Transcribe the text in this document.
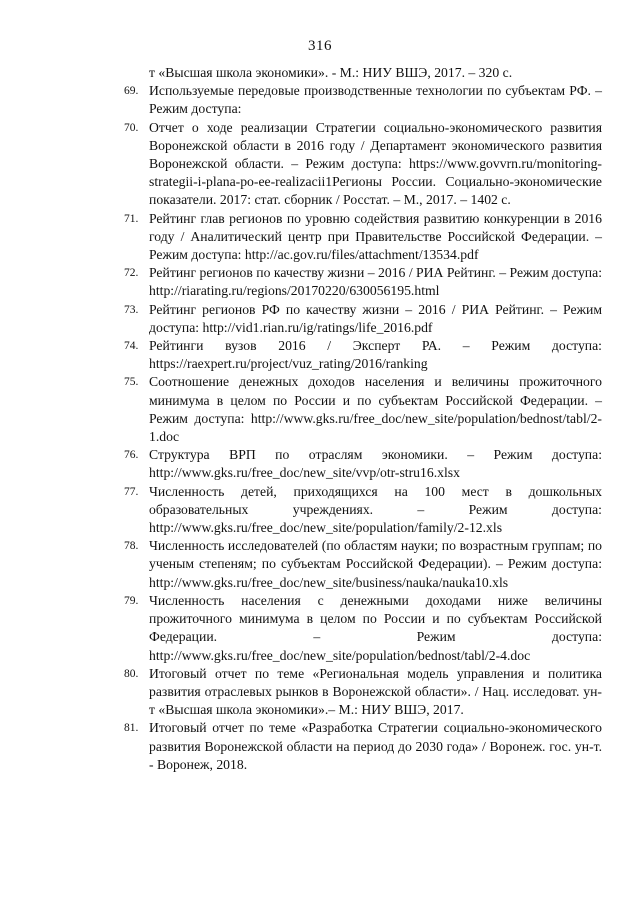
316
т «Высшая школа экономики». - М.: НИУ ВШЭ, 2017. – 320 с.
69. Используемые передовые производственные технологии по субъектам РФ. – Режим доступа:
70. Отчет о ходе реализации Стратегии социально-экономического развития Воронежской области в 2016 году / Департамент экономического развития Воронежской области. – Режим доступа: https://www.govvrn.ru/monitoring-strategii-i-plana-po-ee-realizacii1Регионы России. Социально-экономические показатели. 2017: стат. сборник / Росстат. – М., 2017. – 1402 с.
71. Рейтинг глав регионов по уровню содействия развитию конкуренции в 2016 году / Аналитический центр при Правительстве Российской Федерации. – Режим доступа: http://ac.gov.ru/files/attachment/13534.pdf
72. Рейтинг регионов по качеству жизни – 2016 / РИА Рейтинг. – Режим доступа: http://riarating.ru/regions/20170220/630056195.html
73. Рейтинг регионов РФ по качеству жизни – 2016 / РИА Рейтинг. – Режим доступа: http://vid1.rian.ru/ig/ratings/life_2016.pdf
74. Рейтинги вузов 2016 / Эксперт РА. – Режим доступа: https://raexpert.ru/project/vuz_rating/2016/ranking
75. Соотношение денежных доходов населения и величины прожиточного минимума в целом по России и по субъектам Российской Федерации. – Режим доступа: http://www.gks.ru/free_doc/new_site/population/bednost/tabl/2-1.doc
76. Структура ВРП по отраслям экономики. – Режим доступа: http://www.gks.ru/free_doc/new_site/vvp/otr-stru16.xlsx
77. Численность детей, приходящихся на 100 мест в дошкольных образовательных учреждениях. – Режим доступа: http://www.gks.ru/free_doc/new_site/population/family/2-12.xls
78. Численность исследователей (по областям науки; по возрастным группам; по ученым степеням; по субъектам Российской Федерации). – Режим доступа: http://www.gks.ru/free_doc/new_site/business/nauka/nauka10.xls
79. Численность населения с денежными доходами ниже величины прожиточного минимума в целом по России и по субъектам Российской Федерации. – Режим доступа: http://www.gks.ru/free_doc/new_site/population/bednost/tabl/2-4.doc
80. Итоговый отчет по теме «Региональная модель управления и политика развития отраслевых рынков в Воронежской области». / Нац. исследоват. ун-т «Высшая школа экономики».– М.: НИУ ВШЭ, 2017.
81. Итоговый отчет по теме «Разработка Стратегии социально-экономического развития Воронежской области на период до 2030 года» / Воронеж. гос. ун-т. - Воронеж, 2018.
